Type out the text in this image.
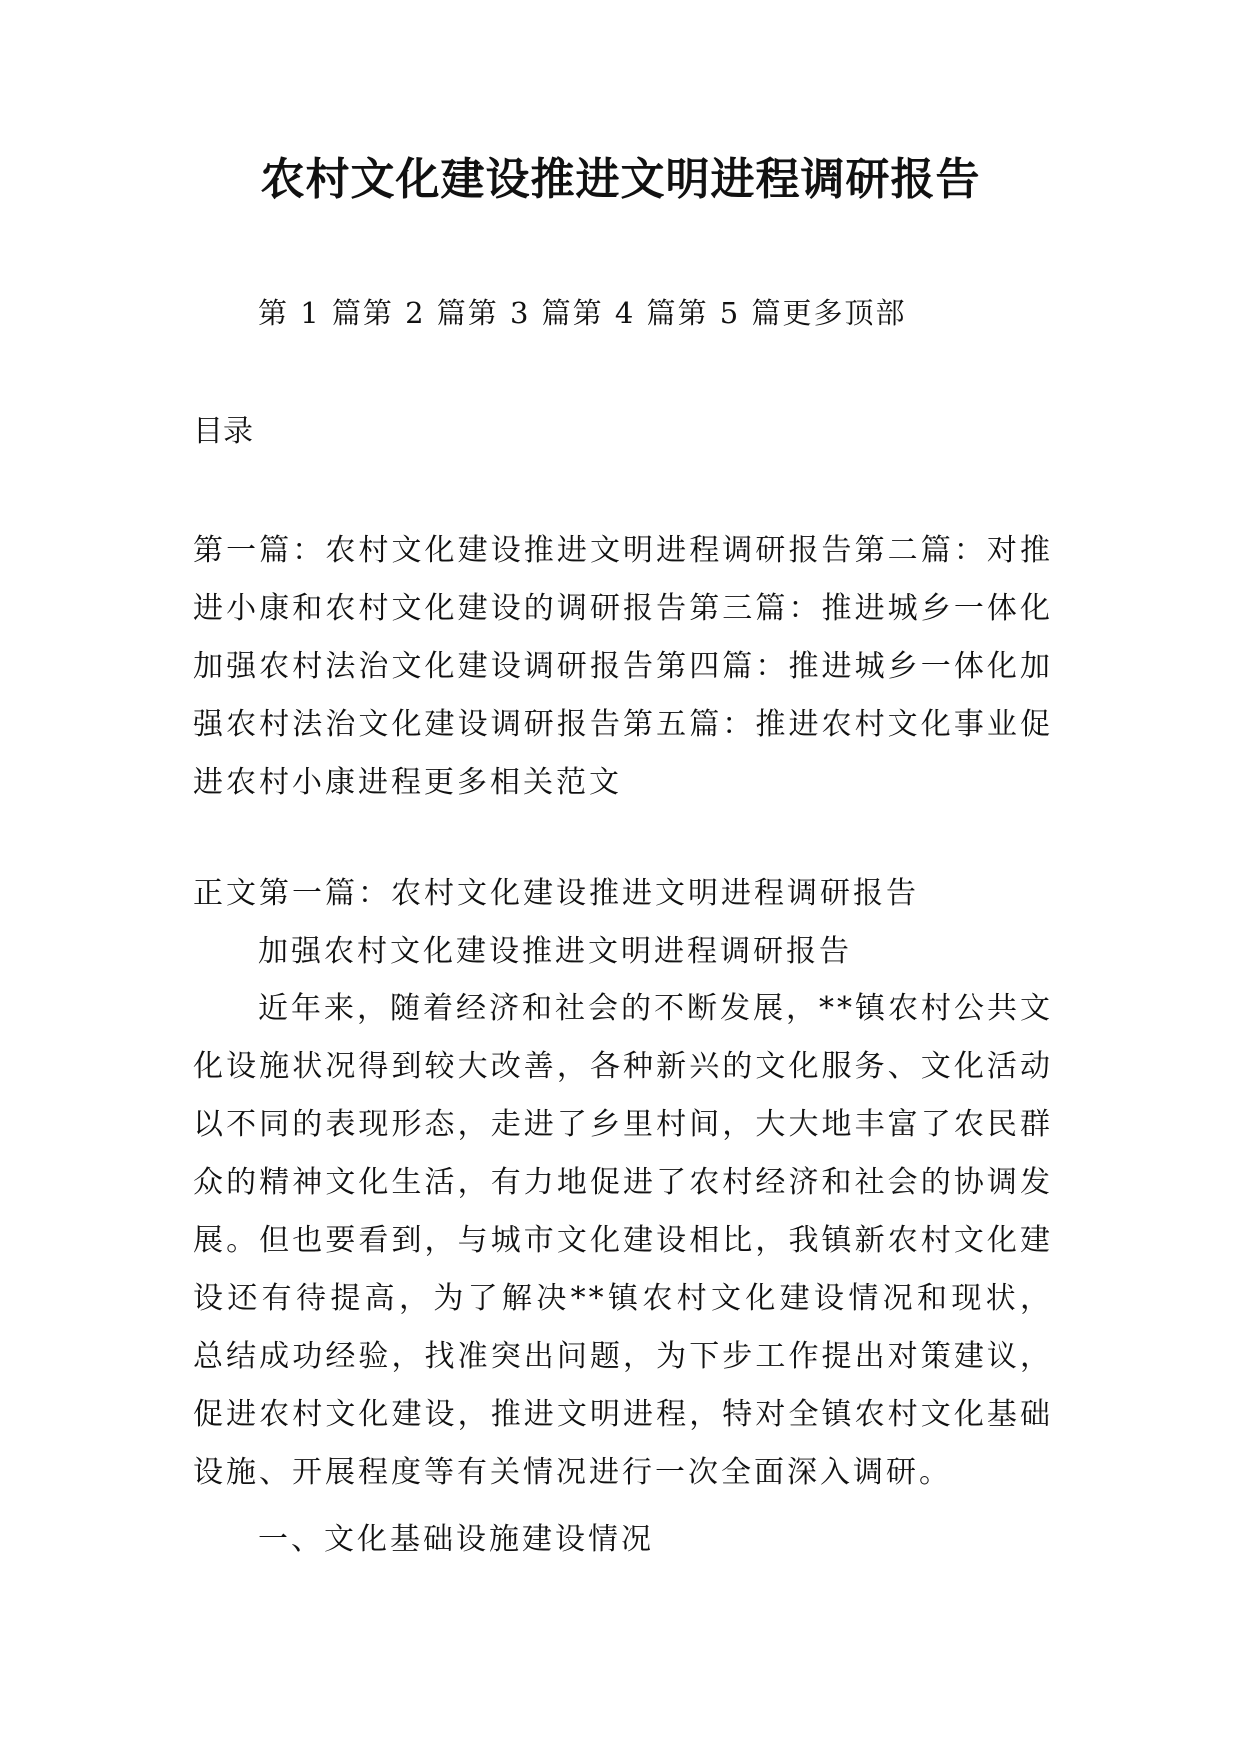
农村文化建设推进文明进程调研报告
第 1 篇第 2 篇第 3 篇第 4 篇第 5 篇更多顶部
目录
第一篇：农村文化建设推进文明进程调研报告第二篇：对推进小康和农村文化建设的调研报告第三篇：推进城乡一体化加强农村法治文化建设调研报告第四篇：推进城乡一体化加强农村法治文化建设调研报告第五篇：推进农村文化事业促进农村小康进程更多相关范文
正文第一篇：农村文化建设推进文明进程调研报告
加强农村文化建设推进文明进程调研报告
近年来，随着经济和社会的不断发展，**镇农村公共文化设施状况得到较大改善，各种新兴的文化服务、文化活动以不同的表现形态，走进了乡里村间，大大地丰富了农民群众的精神文化生活，有力地促进了农村经济和社会的协调发展。但也要看到，与城市文化建设相比，我镇新农村文化建设还有待提高，为了解决**镇农村文化建设情况和现状，总结成功经验，找准突出问题，为下步工作提出对策建议，促进农村文化建设，推进文明进程，特对全镇农村文化基础设施、开展程度等有关情况进行一次全面深入调研。
一、文化基础设施建设情况
